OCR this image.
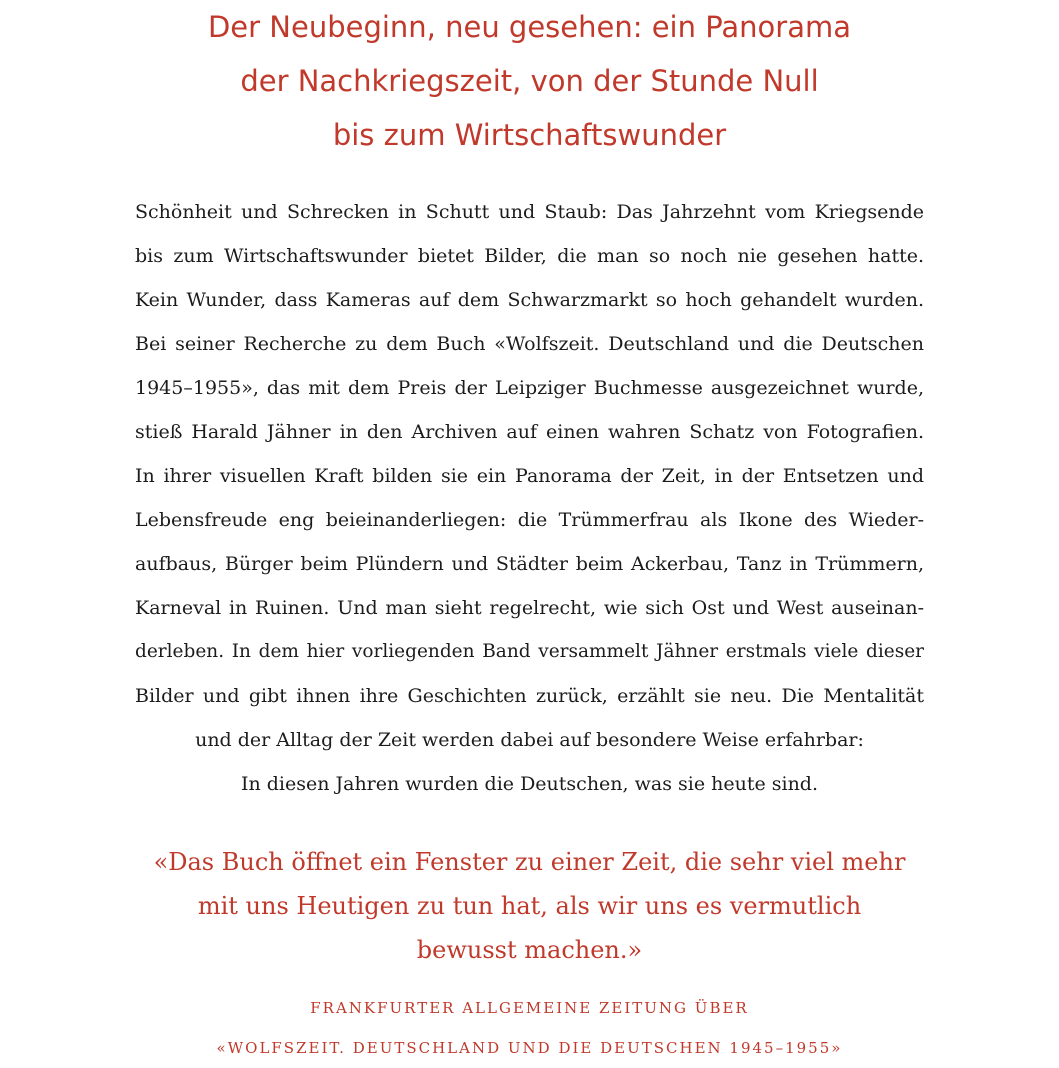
Der Neubeginn, neu gesehen: ein Panorama
der Nachkriegszeit, von der Stunde Null
bis zum Wirtschaftswunder
Schönheit und Schrecken in Schutt und Staub: Das Jahrzehnt vom Kriegsende
bis zum Wirtschaftswunder bietet Bilder, die man so noch nie gesehen hatte.
Kein Wunder, dass Kameras auf dem Schwarzmarkt so hoch gehandelt wurden.
Bei seiner Recherche zu dem Buch «Wolfszeit. Deutschland und die Deutschen
1945–1955», das mit dem Preis der Leipziger Buchmesse ausgezeichnet wurde,
stieß Harald Jähner in den Archiven auf einen wahren Schatz von Fotografien.
In ihrer visuellen Kraft bilden sie ein Panorama der Zeit, in der Entsetzen und
Lebensfreude eng beieinanderliegen: die Trümmerfrau als Ikone des Wieder-
aufbaus, Bürger beim Plündern und Städter beim Ackerbau, Tanz in Trümmern,
Karneval in Ruinen. Und man sieht regelrecht, wie sich Ost und West auseinan-
derleben. In dem hier vorliegenden Band versammelt Jähner erstmals viele dieser
Bilder und gibt ihnen ihre Geschichten zurück, erzählt sie neu. Die Mentalität
und der Alltag der Zeit werden dabei auf besondere Weise erfahrbar:
In diesen Jahren wurden die Deutschen, was sie heute sind.
«Das Buch öffnet ein Fenster zu einer Zeit, die sehr viel mehr
mit uns Heutigen zu tun hat, als wir uns es vermutlich
bewusst machen.»
FRANKFURTER ALLGEMEINE ZEITUNG ÜBER
«WOLFSZEIT. DEUTSCHLAND UND DIE DEUTSCHEN 1945–1955»
